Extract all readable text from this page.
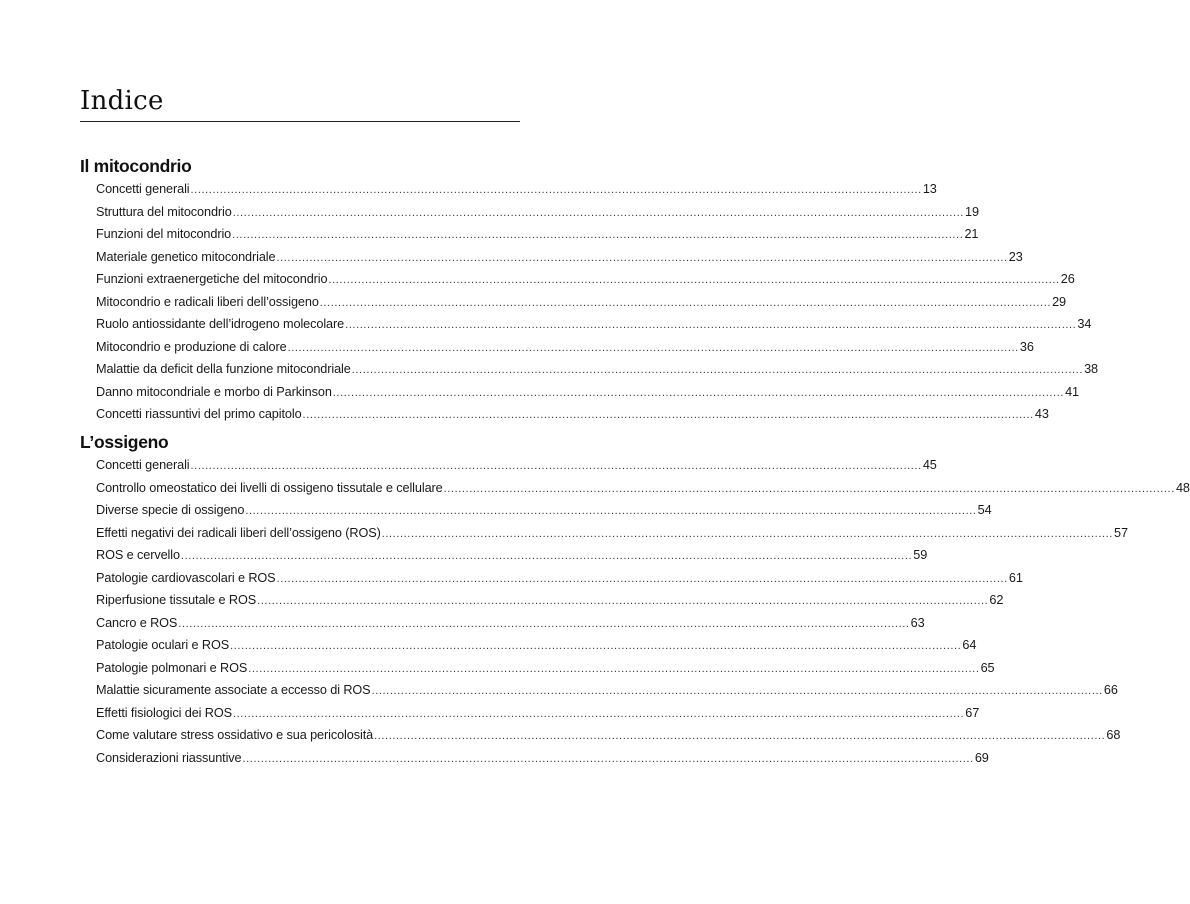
Indice
Il mitocondrio
Concetti generali ........................................................................................................................................................................................................ 13
Struttura del mitocondrio ........................................................................................................................................................................................................ 19
Funzioni del mitocondrio ........................................................................................................................................................................................................ 21
Materiale genetico mitocondriale ........................................................................................................................................................................................................ 23
Funzioni extraenergetiche del mitocondrio ........................................................................................................................................................................................................ 26
Mitocondrio e radicali liberi dell’ossigeno ........................................................................................................................................................................................................ 29
Ruolo antiossidante dell’idrogeno molecolare ........................................................................................................................................................................................................ 34
Mitocondrio e produzione di calore ........................................................................................................................................................................................................ 36
Malattie da deficit della funzione mitocondriale ........................................................................................................................................................................................................ 38
Danno mitocondriale e morbo di Parkinson ........................................................................................................................................................................................................ 41
Concetti riassuntivi del primo capitolo ........................................................................................................................................................................................................ 43
L’ossigeno
Concetti generali ........................................................................................................................................................................................................ 45
Controllo omeostatico dei livelli di ossigeno tissutale e cellulare ........................................................................................................................................................................................................ 48
Diverse specie di ossigeno ........................................................................................................................................................................................................ 54
Effetti negativi dei radicali liberi dell’ossigeno (ROS) ........................................................................................................................................................................................................ 57
ROS e cervello ........................................................................................................................................................................................................ 59
Patologie cardiovascolari e ROS ........................................................................................................................................................................................................ 61
Riperfusione tissutale e ROS ........................................................................................................................................................................................................ 62
Cancro e ROS ........................................................................................................................................................................................................ 63
Patologie oculari e ROS ........................................................................................................................................................................................................ 64
Patologie polmonari e ROS ........................................................................................................................................................................................................ 65
Malattie sicuramente associate a eccesso di ROS ........................................................................................................................................................................................................ 66
Effetti fisiologici dei ROS ........................................................................................................................................................................................................ 67
Come valutare stress ossidativo e sua pericolosità ........................................................................................................................................................................................................ 68
Considerazioni riassuntive ........................................................................................................................................................................................................ 69
